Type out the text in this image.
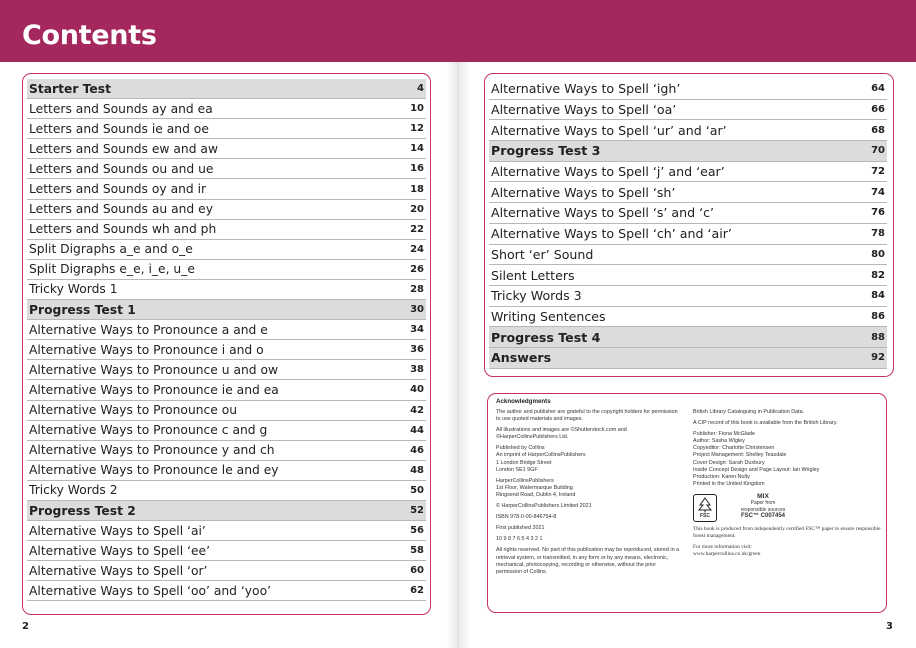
Contents
Starter Test	4
Letters and Sounds ay and ea	10
Letters and Sounds ie and oe	12
Letters and Sounds ew and aw	14
Letters and Sounds ou and ue	16
Letters and Sounds oy and ir	18
Letters and Sounds au and ey	20
Letters and Sounds wh and ph	22
Split Digraphs a_e and o_e	24
Split Digraphs e_e, i_e, u_e	26
Tricky Words 1	28
Progress Test 1	30
Alternative Ways to Pronounce a and e	34
Alternative Ways to Pronounce i and o	36
Alternative Ways to Pronounce u and ow	38
Alternative Ways to Pronounce ie and ea	40
Alternative Ways to Pronounce ou	42
Alternative Ways to Pronounce c and g	44
Alternative Ways to Pronounce y and ch	46
Alternative Ways to Pronounce le and ey	48
Tricky Words 2	50
Progress Test 2	52
Alternative Ways to Spell ‘ai’	56
Alternative Ways to Spell ‘ee’	58
Alternative Ways to Spell ‘or’	60
Alternative Ways to Spell ‘oo’ and ‘yoo’	62
Alternative Ways to Spell ‘igh’	64
Alternative Ways to Spell ‘oa’	66
Alternative Ways to Spell ‘ur’ and ‘ar’	68
Progress Test 3	70
Alternative Ways to Spell ‘j’ and ‘ear’	72
Alternative Ways to Spell ‘sh’	74
Alternative Ways to Spell ‘s’ and ‘c’	76
Alternative Ways to Spell ‘ch’ and ‘air’	78
Short ‘er’ Sound	80
Silent Letters	82
Tricky Words 3	84
Writing Sentences	86
Progress Test 4	88
Answers	92
Acknowledgments

The author and publisher are grateful to the copyright holders for permission to use quoted materials and images.

All illustrations and images are ©Shutterstock.com and ©HarperCollinsPublishers Ltd.

Published by Collins
An imprint of HarperCollinsPublishers
1 London Bridge Street
London SE1 9GF

HarperCollinsPublishers
1st Floor, Watermarque Building
Ringsend Road, Dublin 4, Ireland

© HarperCollinsPublishers Limited 2021

ISBN 978-0-00-846754-8

First published 2021

10 9 8 7 6 5 4 3 2 1

All rights reserved. No part of this publication may be reproduced, stored in a retrieval system, or transmitted, in any form or by any means, electronic, mechanical, photocopying, recording or otherwise, without the prior permission of Collins.

British Library Cataloguing in Publication Data.

A CIP record of this book is available from the British Library.

Publisher: Fiona McGlade
Author: Sasha Wigley
Copyeditor: Charlotte Christensen
Project Management: Shelley Teasdale
Cover Design: Sarah Duxbury
Inside Concept Design and Page Layout: Ian Wrigley
Production: Karen Nulty
Printed in the United Kingdom

FSC
MIX
Paper from
responsible sources
FSC™ C007454

This book is produced from independently certified FSC™ paper to ensure responsible forest management.

For more information visit:
www.harpercollins.co.uk/green

2	3
